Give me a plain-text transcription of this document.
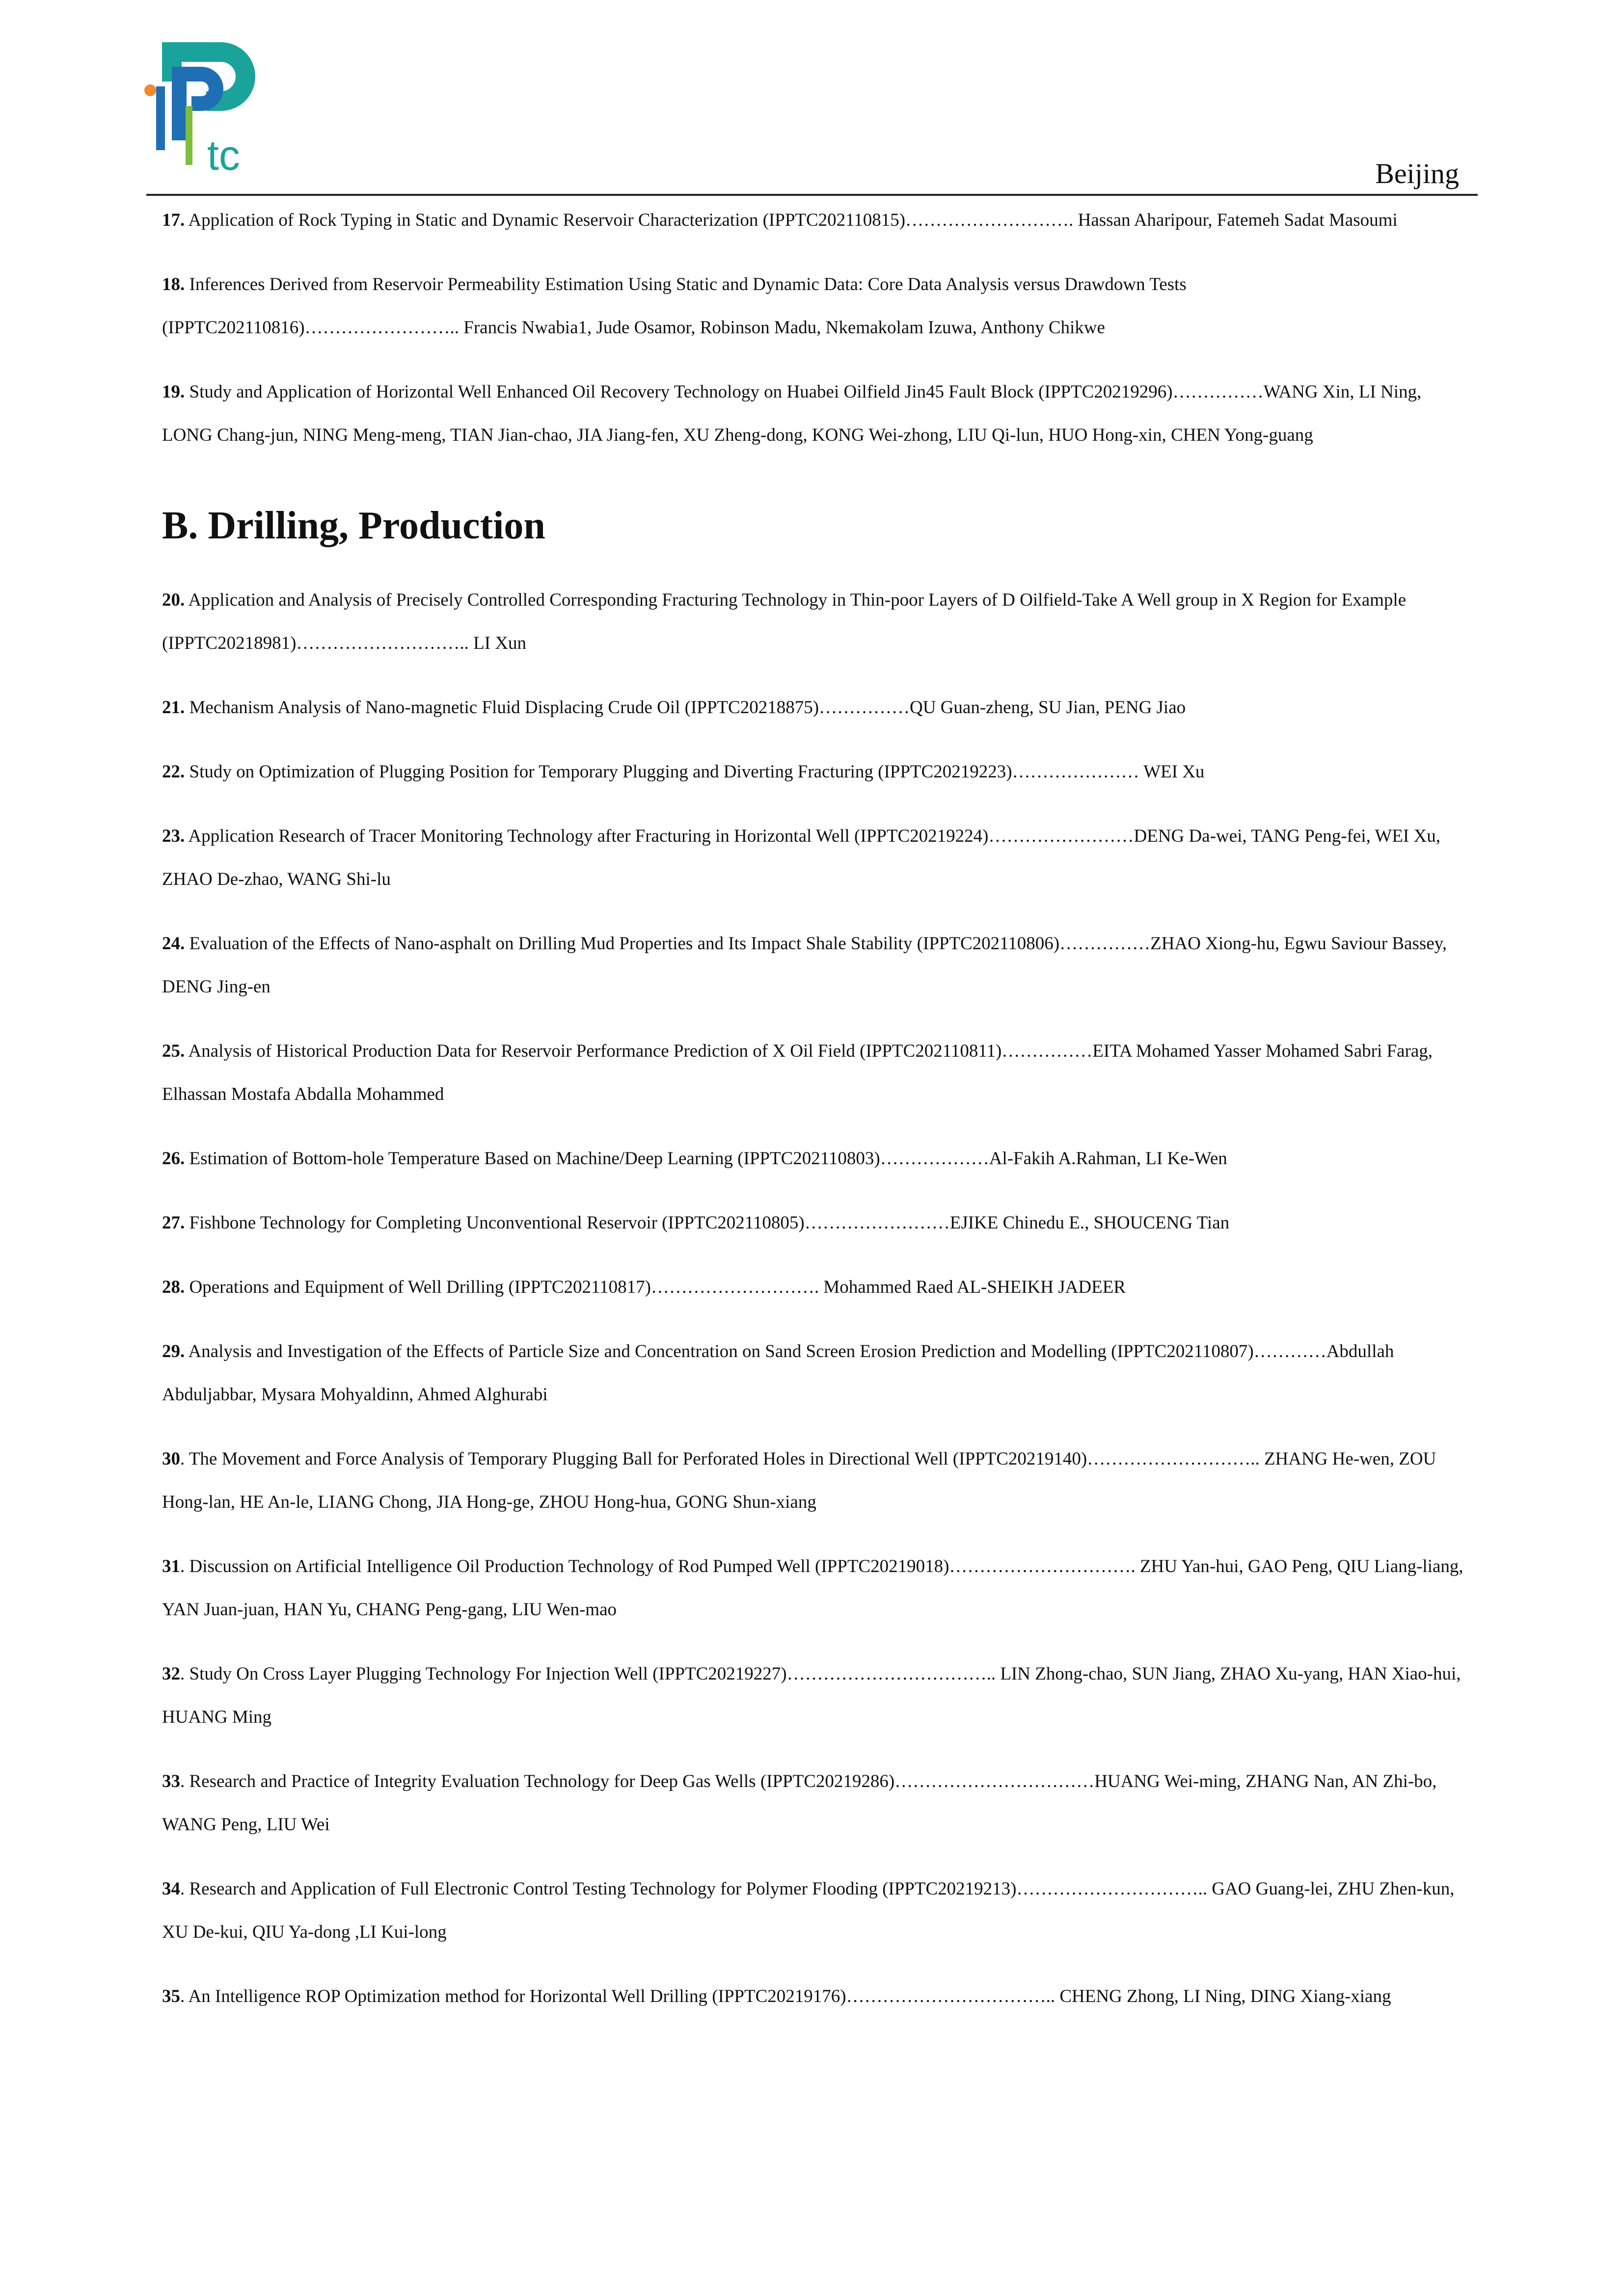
tc	Beijing

17. Application of Rock Typing in Static and Dynamic Reservoir Characterization (IPPTC202110815)………………………. Hassan Aharipour, Fatemeh Sadat Masoumi

18. Inferences Derived from Reservoir Permeability Estimation Using Static and Dynamic Data: Core Data Analysis versus Drawdown Tests (IPPTC202110816)…………………….. Francis Nwabia1, Jude Osamor, Robinson Madu, Nkemakolam Izuwa, Anthony Chikwe

19. Study and Application of Horizontal Well Enhanced Oil Recovery Technology on Huabei Oilfield Jin45 Fault Block (IPPTC20219296)……………WANG Xin, LI Ning, LONG Chang-jun, NING Meng-meng, TIAN Jian-chao, JIA Jiang-fen, XU Zheng-dong, KONG Wei-zhong, LIU Qi-lun, HUO Hong-xin, CHEN Yong-guang

B. Drilling, Production

20. Application and Analysis of Precisely Controlled Corresponding Fracturing Technology in Thin-poor Layers of D Oilfield-Take A Well group in X Region for Example (IPPTC20218981)……………………….. LI Xun

21. Mechanism Analysis of Nano-magnetic Fluid Displacing Crude Oil (IPPTC20218875)……………QU Guan-zheng, SU Jian, PENG Jiao

22. Study on Optimization of Plugging Position for Temporary Plugging and Diverting Fracturing (IPPTC20219223)………………… WEI Xu

23. Application Research of Tracer Monitoring Technology after Fracturing in Horizontal Well (IPPTC20219224)……………………DENG Da-wei, TANG Peng-fei, WEI Xu, ZHAO De-zhao, WANG Shi-lu

24. Evaluation of the Effects of Nano-asphalt on Drilling Mud Properties and Its Impact Shale Stability (IPPTC202110806)……………ZHAO Xiong-hu, Egwu Saviour Bassey, DENG Jing-en

25. Analysis of Historical Production Data for Reservoir Performance Prediction of X Oil Field (IPPTC202110811)……………EITA Mohamed Yasser Mohamed Sabri Farag, Elhassan Mostafa Abdalla Mohammed

26. Estimation of Bottom-hole Temperature Based on Machine/Deep Learning (IPPTC202110803)………………Al-Fakih A.Rahman, LI Ke-Wen

27. Fishbone Technology for Completing Unconventional Reservoir (IPPTC202110805)……………………EJIKE Chinedu E., SHOUCENG Tian

28. Operations and Equipment of Well Drilling (IPPTC202110817)………………………. Mohammed Raed AL-SHEIKH JADEER

29. Analysis and Investigation of the Effects of Particle Size and Concentration on Sand Screen Erosion Prediction and Modelling (IPPTC202110807)…………Abdullah Abduljabbar, Mysara Mohyaldinn, Ahmed Alghurabi

30. The Movement and Force Analysis of Temporary Plugging Ball for Perforated Holes in Directional Well (IPPTC20219140)……………………….. ZHANG He-wen, ZOU Hong-lan, HE An-le, LIANG Chong, JIA Hong-ge, ZHOU Hong-hua, GONG Shun-xiang

31. Discussion on Artificial Intelligence Oil Production Technology of Rod Pumped Well (IPPTC20219018)…………………………. ZHU Yan-hui, GAO Peng, QIU Liang-liang, YAN Juan-juan, HAN Yu, CHANG Peng-gang, LIU Wen-mao

32. Study On Cross Layer Plugging Technology For Injection Well (IPPTC20219227)…………………………….. LIN Zhong-chao, SUN Jiang, ZHAO Xu-yang, HAN Xiao-hui, HUANG Ming

33. Research and Practice of Integrity Evaluation Technology for Deep Gas Wells (IPPTC20219286)……………………………HUANG Wei-ming, ZHANG Nan, AN Zhi-bo, WANG Peng, LIU Wei

34. Research and Application of Full Electronic Control Testing Technology for Polymer Flooding (IPPTC20219213)………………………….. GAO Guang-lei, ZHU Zhen-kun, XU De-kui, QIU Ya-dong ,LI Kui-long

35. An Intelligence ROP Optimization method for Horizontal Well Drilling (IPPTC20219176)…………………………….. CHENG Zhong, LI Ning, DING Xiang-xiang
